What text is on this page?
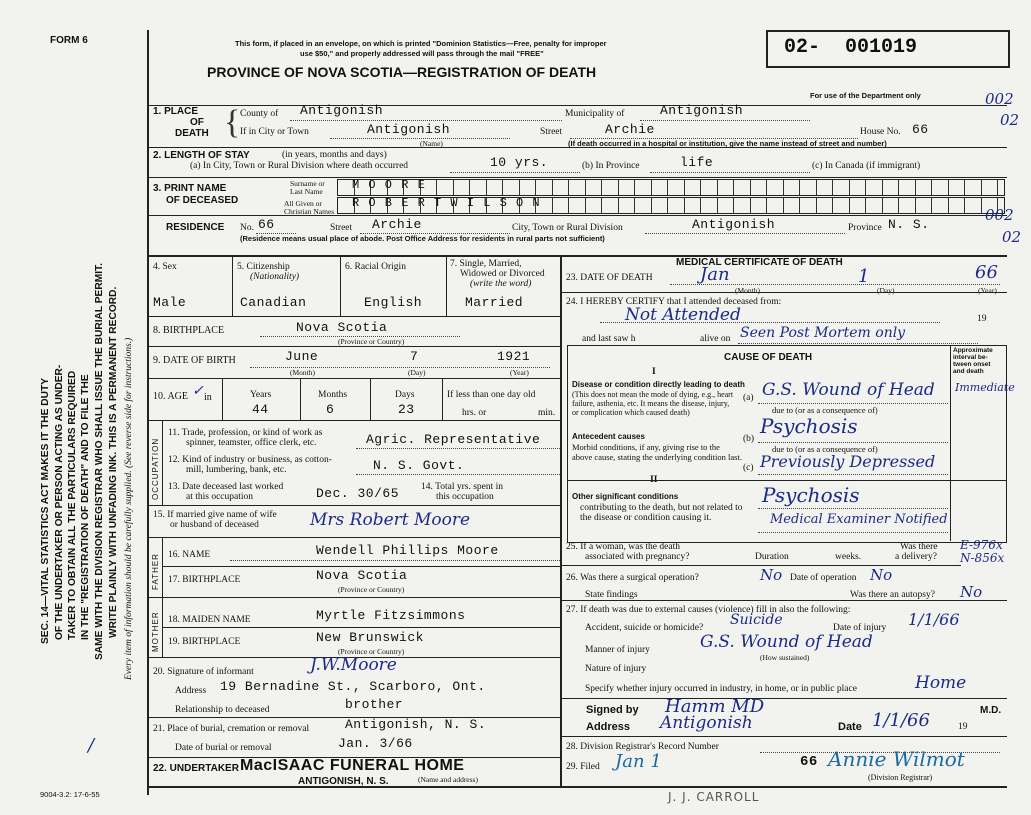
SEC. 14—VITAL STATISTICS ACT MAKES IT THE DUTY OF THE UNDERTAKER OR PERSON ACTING AS UNDER- TAKER TO OBTAIN ALL THE PARTICULARS REQUIRED IN THE "REGISTRATION OF DEATH" AND TO FILE THE SAME WITH THE DIVISION REGISTRAR WHO SHALL ISSUE THE BURIAL PERMIT. WRITE PLAINLY WITH UNFADING INK. THIS IS A PERMANENT RECORD. Every item of information should be carefully supplied. (See reverse side for instructions.)
FORM 6
9004-3.2: 17-6-55
/
This form, if placed in an envelope, on which is printed "Dominion Statistics—Free, penalty for improper
use $50," and properly addressed will pass through the mail "FREE"
PROVINCE OF NOVA SCOTIA—REGISTRATION OF DEATH
02- 001019
For use of the Department only	002
02
1. PLACE
OF
DEATH { County of Antigonish	Municipality of	Antigonish
If in City or Town	Antigonish
(Name)
Street	Archie	House No. 66
(If death occurred in a hospital or institution, give the name instead of street and number)
2. LENGTH OF STAY	(in years, months and days)
(a) In City, Town or Rural Division where death occurred	10 yrs.	(b) In Province	life	(c) In Canada (if immigrant)
3. PRINT NAME
OF DECEASED
Surname or
Last Name
All Given or
Christian Names
M O O R E
R O B E R T W I L S O N
RESIDENCE No. 66	Street Archie	City, Town or Rural Division	Antigonish	Province N. S.
(Residence means usual place of abode. Post Office Address for residents in rural parts not sufficient)
002
02
4. Sex
Male
5. Citizenship
(Nationality)
Canadian
6. Racial Origin
English
7. Single, Married,
Widowed or Divorced
(write the word)
Married
8. BIRTHPLACE	Nova Scotia
(Province or Country)
9. DATE OF BIRTH	June	7	1921
(Month)	(Day)	(Year)
10. AGE in
✓	Years	Months	Days	If less than one day old
44	6	23	hrs. or	min.
OCCUPATION
11. Trade, profession, or kind of work as
spinner, teamster, office clerk, etc.	Agric. Representative
12. Kind of industry or business, as cotton-
mill, lumbering, bank, etc.	N. S. Govt.
13. Date deceased last worked
at this occupation	Dec. 30/65 14. Total yrs. spent in
this occupation
15. If married give name of wife
or husband of deceased	Mrs Robert Moore
FATHER 16. NAME	Wendell Phillips Moore
17. BIRTHPLACE	Nova Scotia
(Province or Country)
MOTHER 18. MAIDEN NAME	Myrtle Fitzsimmons
19. BIRTHPLACE	New Brunswick
(Province or Country)
20. Signature of informant	J.W.Moore
Address 19 Bernadine St., Scarboro, Ont.
Relationship to deceased	brother
21. Place of burial, cremation or removal	Antigonish, N. S.
Date of burial or removal	Jan. 3/66
22. UNDERTAKER MacISAAC FUNERAL HOME
(Name and address)
ANTIGONISH, N. S.
J. J. CARROLL
MEDICAL CERTIFICATE OF DEATH
23. DATE OF DEATH	Jan	1	66
(Month)	(Day)	(Year)
24. I HEREBY CERTIFY that I attended deceased from:
Not Attended	19
and last saw h	alive on Seen Post Mortem only
CAUSE OF DEATH
I
II
Approximate
interval be-
tween onset
and death
Disease or condition directly leading to death
(This does not mean the mode of dying, e.g., heart failure, asthenia, etc. It means the disease, injury, or complication which caused death)
(a) G.S. Wound of Head Immediate
due to (or as a consequence of)
Antecedent causes
Morbid conditions, if any, giving rise to the above cause, stating the underlying condition last.
(b)
Psychosis
due to (or as a consequence of)
(c) Previously Depressed
Other significant conditions
contributing to the death, but not related to the disease or condition causing it.
Psychosis
Medical Examiner Notified
25. If a woman, was the death
associated with pregnancy?	Duration	weeks.
Was there
a delivery?
E-976x
N-856x
26. Was there a surgical operation?	No Date of operation No
State findings	Was there an autopsy? No
27. If death was due to external causes (violence) fill in also the following:
Accident, suicide or homicide? Suicide	Date of injury 1/1/66
Manner of injury	G.S. Wound of Head
(How sustained)
Nature of injury
Specify whether injury occurred in industry, in home, or in public place	Home
Signed by Hamm MD	M.D.
Address Antigonish	Date 1/1/66	19
28. Division Registrar's Record Number
29. Filed Jan 1	66 Annie Wilmot
(Division Registrar)
